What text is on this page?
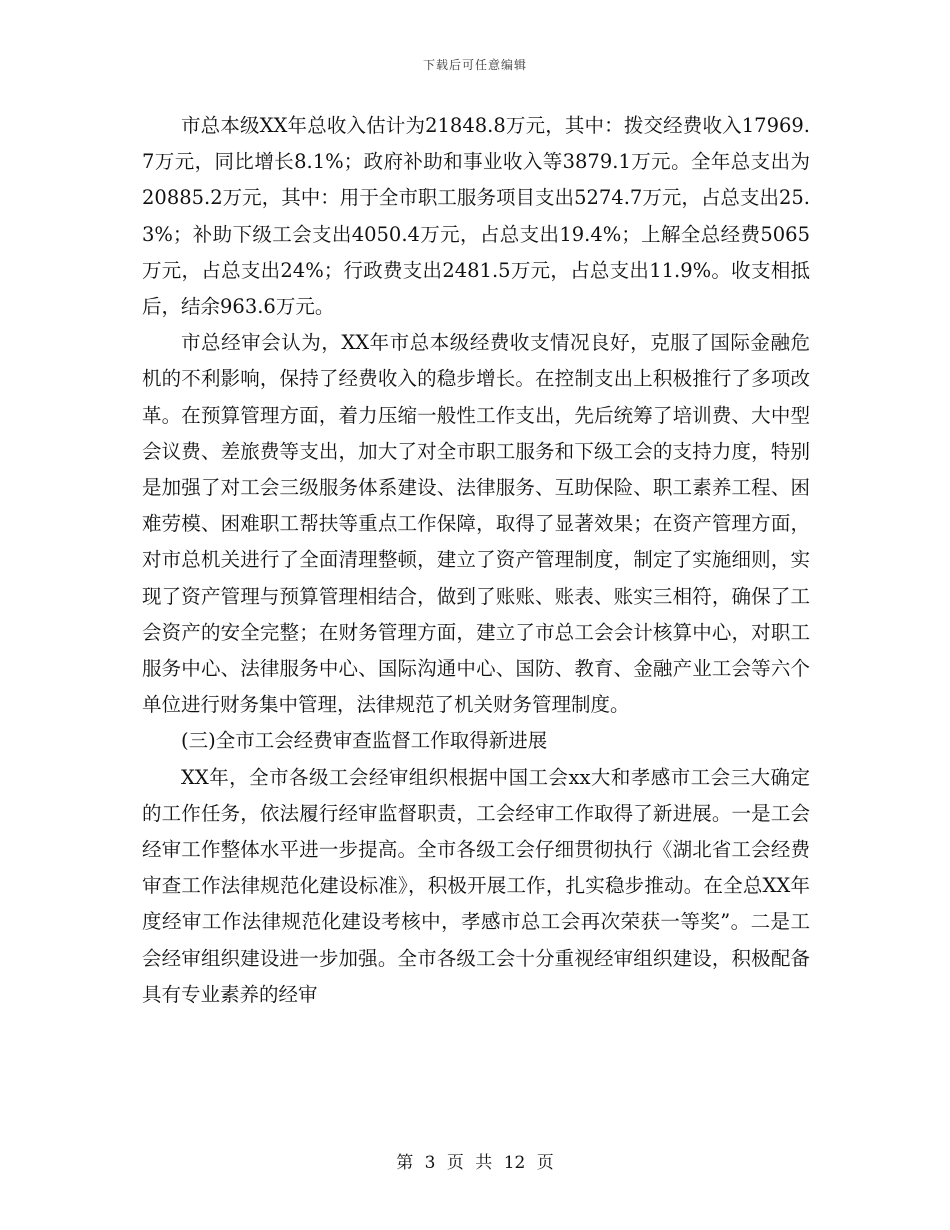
下载后可任意编辑

市总本级XX年总收入估计为21848.8万元，其中：拨交经费收入17969.7万元，同比增长8.1%；政府补助和事业收入等3879.1万元。全年总支出为20885.2万元，其中：用于全市职工服务项目支出5274.7万元，占总支出25.3%；补助下级工会支出4050.4万元，占总支出19.4%；上解全总经费5065万元，占总支出24%；行政费支出2481.5万元，占总支出11.9%。收支相抵后，结余963.6万元。

市总经审会认为，XX年市总本级经费收支情况良好，克服了国际金融危机的不利影响，保持了经费收入的稳步增长。在控制支出上积极推行了多项改革。在预算管理方面，着力压缩一般性工作支出，先后统筹了培训费、大中型会议费、差旅费等支出，加大了对全市职工服务和下级工会的支持力度，特别是加强了对工会三级服务体系建设、法律服务、互助保险、职工素养工程、困难劳模、困难职工帮扶等重点工作保障，取得了显著效果；在资产管理方面，对市总机关进行了全面清理整顿，建立了资产管理制度，制定了实施细则，实现了资产管理与预算管理相结合，做到了账账、账表、账实三相符，确保了工会资产的安全完整；在财务管理方面，建立了市总工会会计核算中心，对职工服务中心、法律服务中心、国际沟通中心、国防、教育、金融产业工会等六个单位进行财务集中管理，法律规范了机关财务管理制度。

(三)全市工会经费审查监督工作取得新进展

XX年，全市各级工会经审组织根据中国工会xx大和孝感市工会三大确定的工作任务，依法履行经审监督职责，工会经审工作取得了新进展。一是工会经审工作整体水平进一步提高。全市各级工会仔细贯彻执行《湖北省工会经费审查工作法律规范化建设标准》，积极开展工作，扎实稳步推动。在全总XX年度经审工作法律规范化建设考核中，孝感市总工会再次荣获一等奖”。二是工会经审组织建设进一步加强。全市各级工会十分重视经审组织建设，积极配备具有专业素养的经审

第 3 页 共 12 页
